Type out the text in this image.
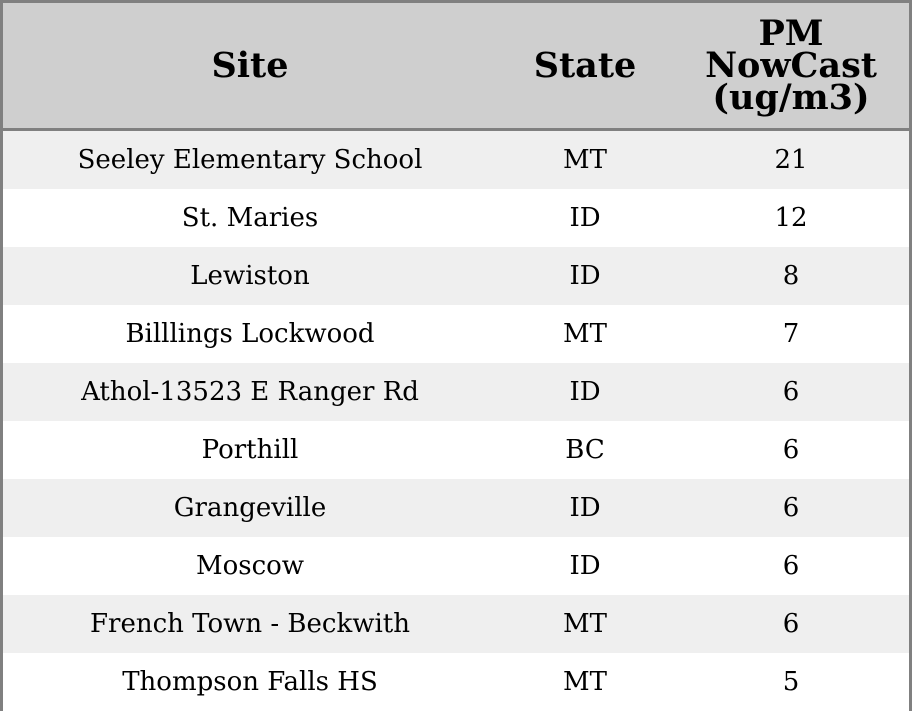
Site	State	PM
NowCast
(ug/m3)

Seeley Elementary School	MT	21
St. Maries	ID	12
Lewiston	ID	8
Billlings Lockwood	MT	7
Athol-13523 E Ranger Rd	ID	6
Porthill	BC	6
Grangeville	ID	6
Moscow	ID	6
French Town - Beckwith	MT	6
Thompson Falls HS	MT	5
